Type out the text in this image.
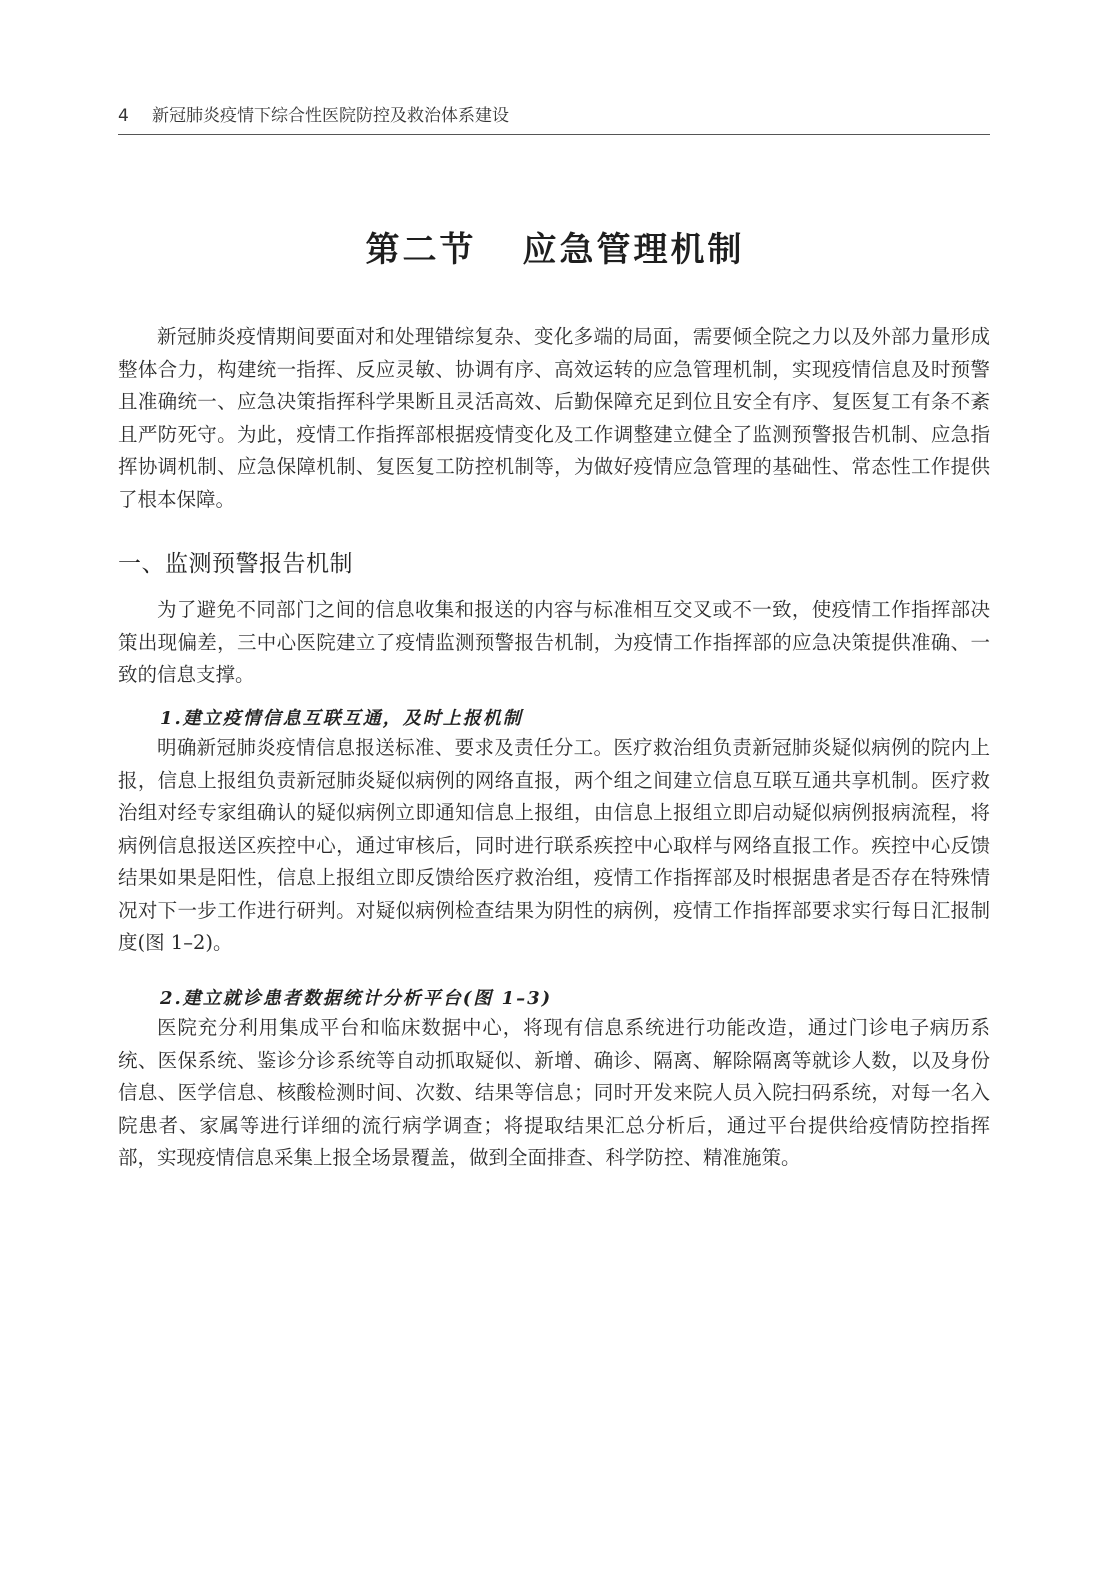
4 新冠肺炎疫情下综合性医院防控及救治体系建设
第二节 应急管理机制

新冠肺炎疫情期间要面对和处理错综复杂、变化多端的局面，需要倾全院之力以及外部力量形成整体合力，构建统一指挥、反应灵敏、协调有序、高效运转的应急管理机制，实现疫情信息及时预警且准确统一、应急决策指挥科学果断且灵活高效、后勤保障充足到位且安全有序、复医复工有条不紊且严防死守。为此，疫情工作指挥部根据疫情变化及工作调整建立健全了监测预警报告机制、应急指挥协调机制、应急保障机制、复医复工防控机制等，为做好疫情应急管理的基础性、常态性工作提供了根本保障。

一、监测预警报告机制

为了避免不同部门之间的信息收集和报送的内容与标准相互交叉或不一致，使疫情工作指挥部决策出现偏差，三中心医院建立了疫情监测预警报告机制，为疫情工作指挥部的应急决策提供准确、一致的信息支撑。

1.建立疫情信息互联互通，及时上报机制

明确新冠肺炎疫情信息报送标准、要求及责任分工。医疗救治组负责新冠肺炎疑似病例的院内上报，信息上报组负责新冠肺炎疑似病例的网络直报，两个组之间建立信息互联互通共享机制。医疗救治组对经专家组确认的疑似病例立即通知信息上报组，由信息上报组立即启动疑似病例报病流程，将病例信息报送区疾控中心，通过审核后，同时进行联系疾控中心取样与网络直报工作。疾控中心反馈结果如果是阳性，信息上报组立即反馈给医疗救治组，疫情工作指挥部及时根据患者是否存在特殊情况对下一步工作进行研判。对疑似病例检查结果为阴性的病例，疫情工作指挥部要求实行每日汇报制度(图 1–2)。

2.建立就诊患者数据统计分析平台(图 1–3)

医院充分利用集成平台和临床数据中心，将现有信息系统进行功能改造，通过门诊电子病历系统、医保系统、鉴诊分诊系统等自动抓取疑似、新增、确诊、隔离、解除隔离等就诊人数，以及身份信息、医学信息、核酸检测时间、次数、结果等信息；同时开发来院人员入院扫码系统，对每一名入院患者、家属等进行详细的流行病学调查；将提取结果汇总分析后，通过平台提供给疫情防控指挥部，实现疫情信息采集上报全场景覆盖，做到全面排查、科学防控、精准施策。
